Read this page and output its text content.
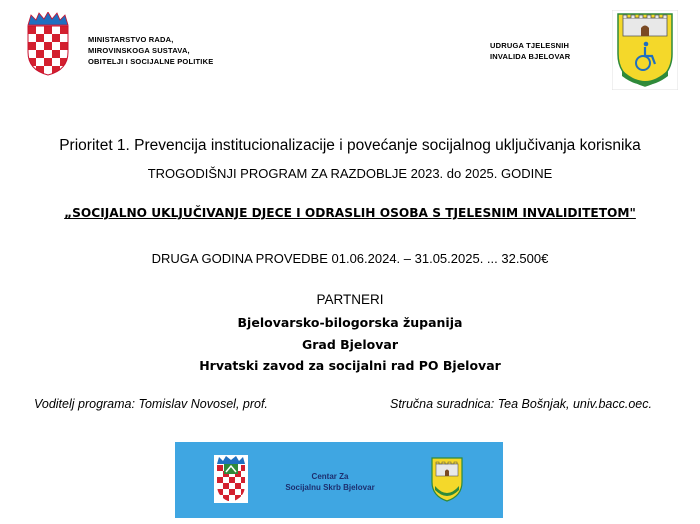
MINISTARSTVO RADA,
MIROVINSKOGA SUSTAVA,
OBITELJI I SOCIJALNE POLITIKE
UDRUGA TJELESNIH
INVALIDA BJELOVAR
Prioritet 1. Prevencija institucionalizacije i povećanje socijalnog uključivanja korisnika
TROGODIŠNJI PROGRAM ZA RAZDOBLJE 2023. do 2025. GODINE
„SOCIJALNO UKLJUČIVANJE DJECE I ODRASLIH OSOBA S TJELESNIM INVALIDITETOM"
DRUGA GODINA PROVEDBE 01.06.2024. – 31.05.2025. ... 32.500€
PARTNERI
Bjelovarsko-bilogorska županija
Grad Bjelovar
Hrvatski zavod za socijalni rad PO Bjelovar
Voditelj programa: Tomislav Novosel, prof.	Stručna suradnica: Tea Bošnjak, univ.bacc.oec.
Centar Za
Socijalnu Skrb Bjelovar
